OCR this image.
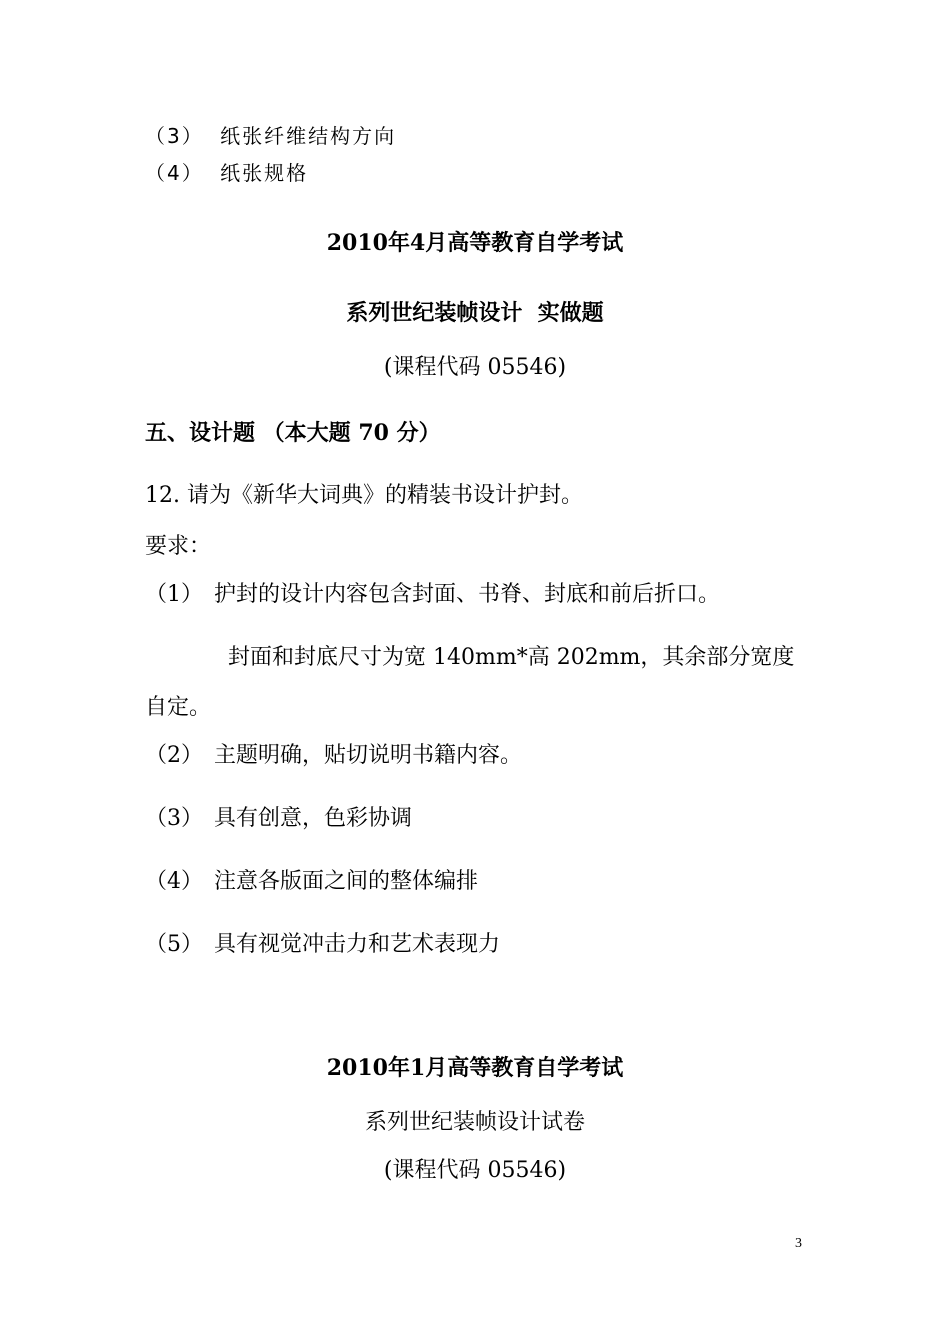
（3） 纸张纤维结构方向
（4） 纸张规格
2010年4月高等教育自学考试
系列世纪装帧设计  实做题
(课程代码 05546)
五、设计题 （本大题 70 分）
12. 请为《新华大词典》的精装书设计护封。
要求：
（1） 护封的设计内容包含封面、书脊、封底和前后折口。
封面和封底尺寸为宽 140mm*高 202mm，其余部分宽度
自定。
（2） 主题明确，贴切说明书籍内容。
（3） 具有创意，色彩协调
（4） 注意各版面之间的整体编排
（5） 具有视觉冲击力和艺术表现力
2010年1月高等教育自学考试
系列世纪装帧设计试卷
(课程代码 05546)
3
